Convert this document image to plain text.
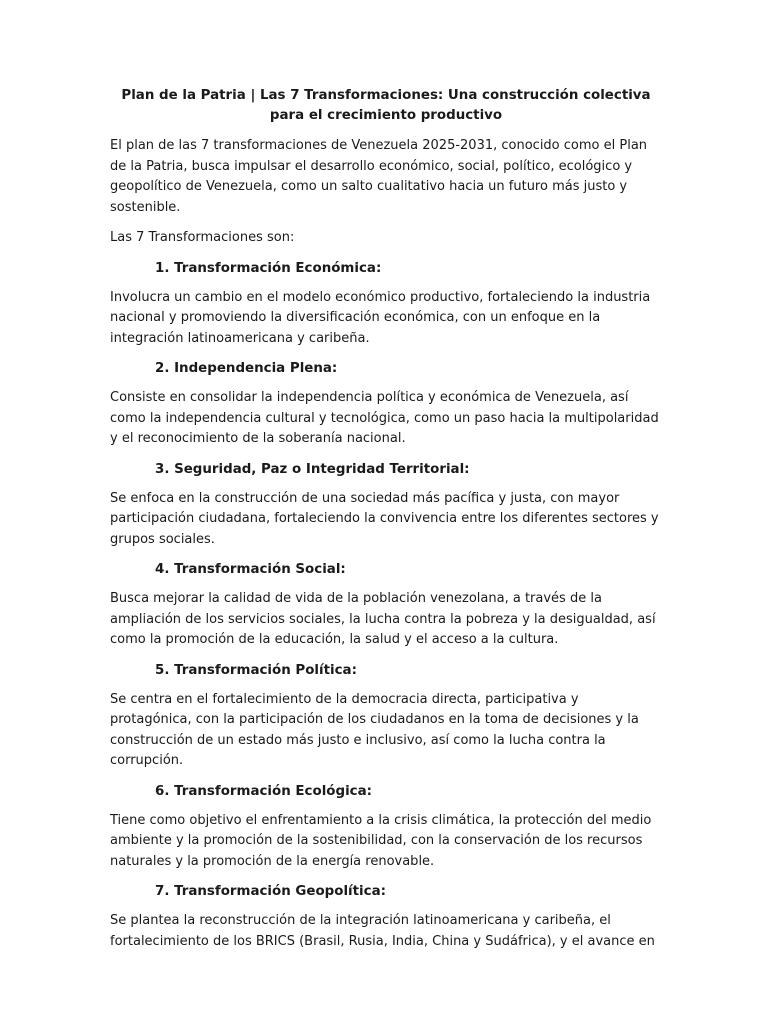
Plan de la Patria | Las 7 Transformaciones: Una construcción colectiva para el crecimiento productivo

El plan de las 7 transformaciones de Venezuela 2025-2031, conocido como el Plan de la Patria, busca impulsar el desarrollo económico, social, político, ecológico y geopolítico de Venezuela, como un salto cualitativo hacia un futuro más justo y sostenible.

Las 7 Transformaciones son:

1. Transformación Económica:

Involucra un cambio en el modelo económico productivo, fortaleciendo la industria nacional y promoviendo la diversificación económica, con un enfoque en la integración latinoamericana y caribeña.

2. Independencia Plena:

Consiste en consolidar la independencia política y económica de Venezuela, así como la independencia cultural y tecnológica, como un paso hacia la multipolaridad y el reconocimiento de la soberanía nacional.

3. Seguridad, Paz o Integridad Territorial:

Se enfoca en la construcción de una sociedad más pacífica y justa, con mayor participación ciudadana, fortaleciendo la convivencia entre los diferentes sectores y grupos sociales.

4. Transformación Social:

Busca mejorar la calidad de vida de la población venezolana, a través de la ampliación de los servicios sociales, la lucha contra la pobreza y la desigualdad, así como la promoción de la educación, la salud y el acceso a la cultura.

5. Transformación Política:

Se centra en el fortalecimiento de la democracia directa, participativa y protagónica, con la participación de los ciudadanos en la toma de decisiones y la construcción de un estado más justo e inclusivo, así como la lucha contra la corrupción.

6. Transformación Ecológica:

Tiene como objetivo el enfrentamiento a la crisis climática, la protección del medio ambiente y la promoción de la sostenibilidad, con la conservación de los recursos naturales y la promoción de la energía renovable.

7. Transformación Geopolítica:

Se plantea la reconstrucción de la integración latinoamericana y caribeña, el fortalecimiento de los BRICS (Brasil, Rusia, India, China y Sudáfrica), y el avance en
